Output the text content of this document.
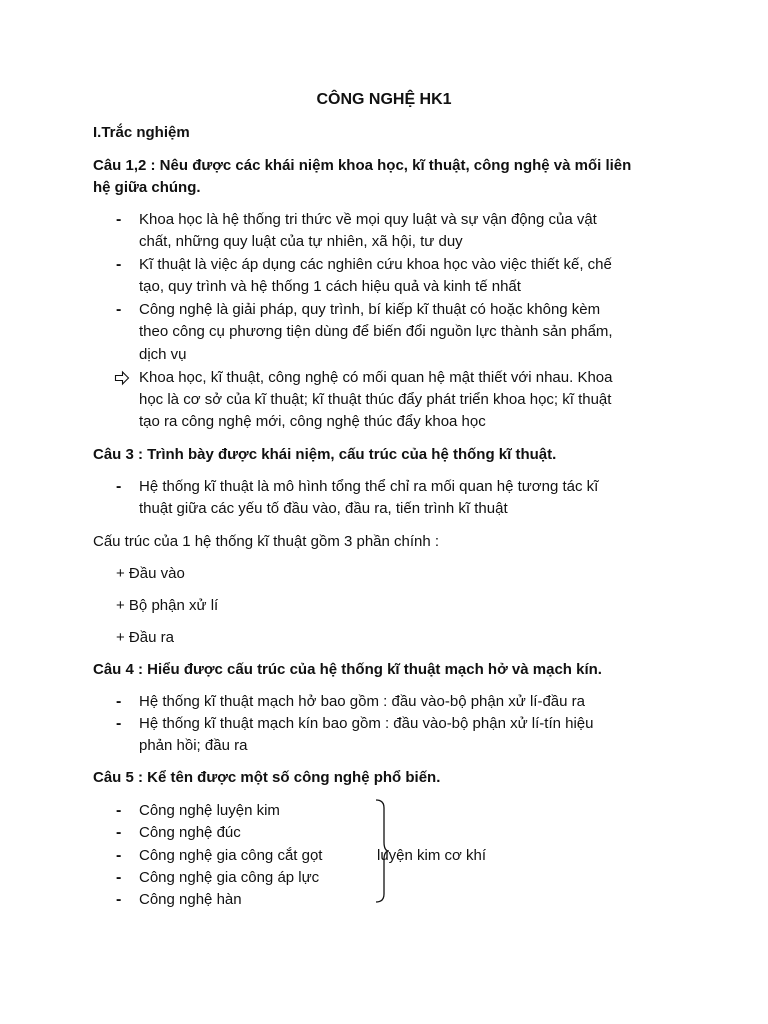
CÔNG NGHỆ HK1
I.Trắc nghiệm
Câu 1,2 : Nêu được các khái niệm khoa học, kĩ thuật, công nghệ và mối liên
hệ giữa chúng.
-	Khoa học là hệ thống tri thức về mọi quy luật và sự vận động của vật
chất, những quy luật của tự nhiên, xã hội, tư duy
-	Kĩ thuật là việc áp dụng các nghiên cứu khoa học vào việc thiết kế, chế
tạo, quy trình và hệ thống 1 cách hiệu quả và kinh tế nhất
-	Công nghệ là giải pháp, quy trình, bí kiếp kĩ thuật có hoặc không kèm
theo công cụ phương tiện dùng để biến đổi nguồn lực thành sản phẩm,
dịch vụ
Khoa học, kĩ thuật, công nghệ có mối quan hệ mật thiết với nhau. Khoa
học là cơ sở của kĩ thuật; kĩ thuật thúc đẩy phát triển khoa học; kĩ thuật
tạo ra công nghệ mới, công nghệ thúc đẩy khoa học
Câu 3 : Trình bày được khái niệm, cấu trúc của hệ thống kĩ thuật.
-	Hệ thống kĩ thuật là mô hình tổng thể chỉ ra mối quan hệ tương tác kĩ
thuật giữa các yếu tố đầu vào, đầu ra, tiến trình kĩ thuật
Cấu trúc của 1 hệ thống kĩ thuật gồm 3 phần chính :
+ Đầu vào
+ Bộ phận xử lí
+ Đầu ra
Câu 4 : Hiểu được cấu trúc của hệ thống kĩ thuật mạch hở và mạch kín.
-	Hệ thống kĩ thuật mạch hở bao gồm : đầu vào-bộ phận xử lí-đầu ra
-	Hệ thống kĩ thuật mạch kín bao gồm : đầu vào-bộ phận xử lí-tín hiệu
phản hồi; đầu ra
Câu 5 : Kể tên được một số công nghệ phổ biến.
-	Công nghệ luyện kim
-	Công nghệ đúc
-	Công nghệ gia công cắt gọt
-	Công nghệ gia công áp lực
-	Công nghệ hàn
luyện kim cơ khí
